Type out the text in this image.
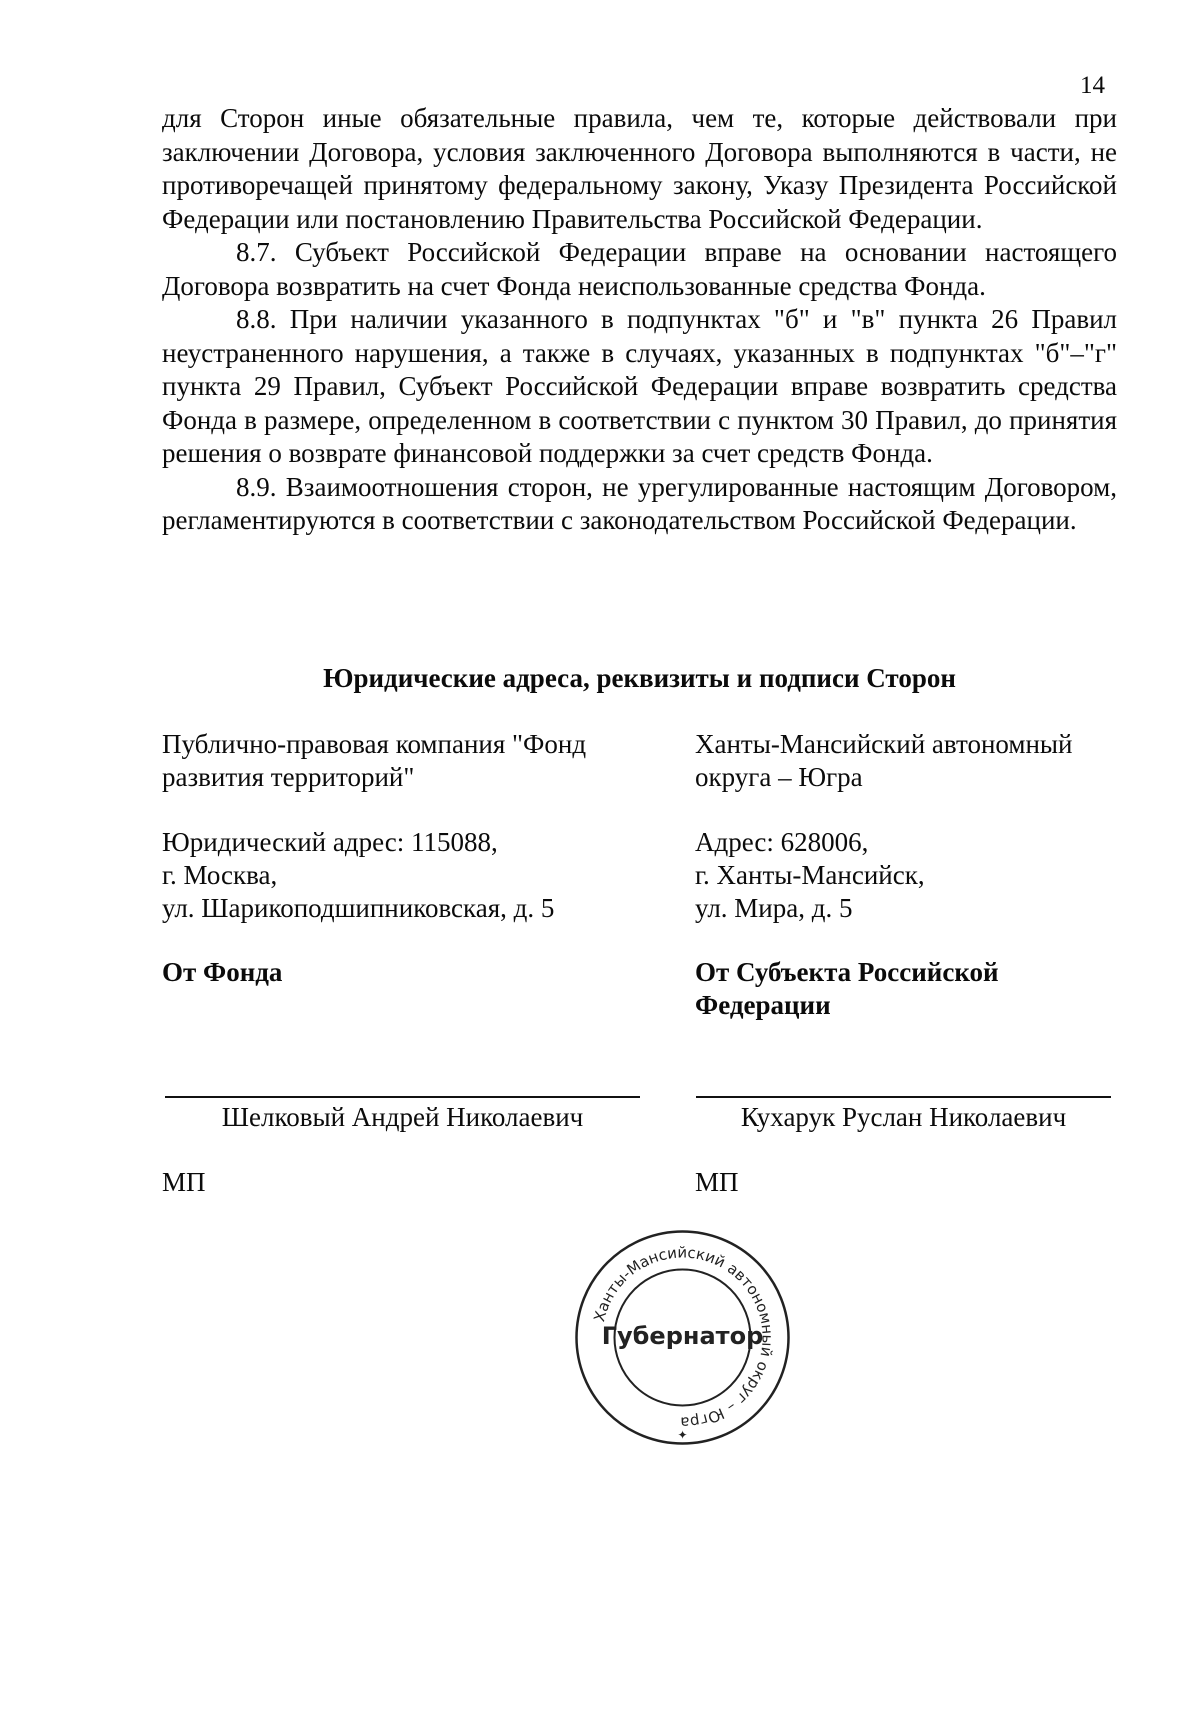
14

для Сторон иные обязательные правила, чем те, которые действовали при заключении Договора, условия заключенного Договора выполняются в части, не противоречащей принятому федеральному закону, Указу Президента Российской Федерации или постановлению Правительства Российской Федерации.

8.7. Субъект Российской Федерации вправе на основании настоящего Договора возвратить на счет Фонда неиспользованные средства Фонда.

8.8. При наличии указанного в подпунктах "б" и "в" пункта 26 Правил неустраненного нарушения, а также в случаях, указанных в подпунктах "б"–"г" пункта 29 Правил, Субъект Российской Федерации вправе возвратить средства Фонда в размере, определенном в соответствии с пунктом 30 Правил, до принятия решения о возврате финансовой поддержки за счет средств Фонда.

8.9. Взаимоотношения сторон, не урегулированные настоящим Договором, регламентируются в соответствии с законодательством Российской Федерации.

Юридические адреса, реквизиты и подписи Сторон
Публично-правовая компания "Фонд
развития территорий"
Юридический адрес: 115088,
г. Москва,
ул. Шарикоподшипниковская, д. 5
От Фонда
Ханты-Мансийский автономный
округа – Югра
Адрес: 628006,
г. Ханты-Мансийск,
ул. Мира, д. 5
От Субъекта Российской
Федерации
Шелковый Андрей Николаевич	Кухарук Руслан Николаевич
МП	МП
Ханты-Мансийский автономный округ – Югра
Губернатор
✦
